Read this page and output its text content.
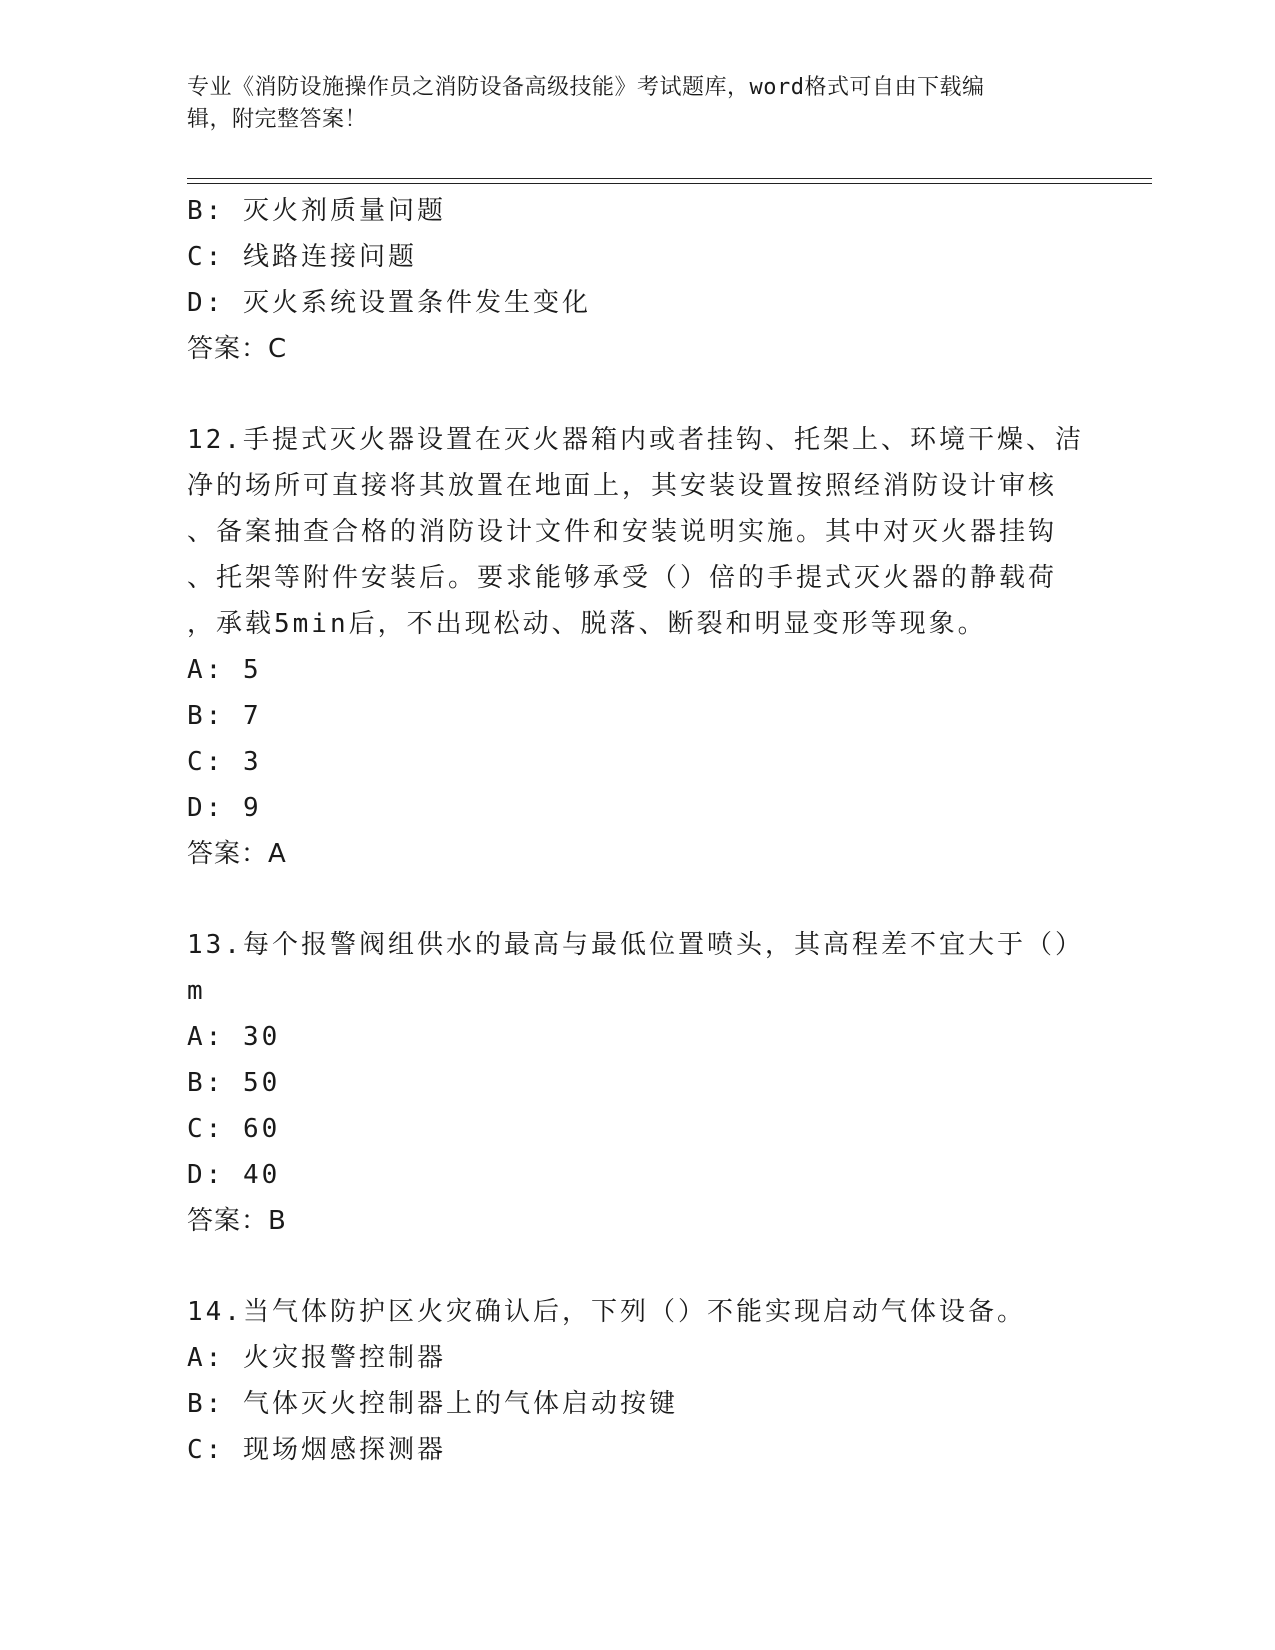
专业《消防设施操作员之消防设备高级技能》考试题库，word格式可自由下载编
辑，附完整答案！
B: 灭火剂质量问题
C: 线路连接问题
D: 灭火系统设置条件发生变化
答案：C
12.手提式灭火器设置在灭火器箱内或者挂钩、托架上、环境干燥、洁
净的场所可直接将其放置在地面上，其安装设置按照经消防设计审核
、备案抽查合格的消防设计文件和安装说明实施。其中对灭火器挂钩
、托架等附件安装后。要求能够承受（）倍的手提式灭火器的静载荷
，承载5min后，不出现松动、脱落、断裂和明显变形等现象。
A: 5
B: 7
C: 3
D: 9
答案：A
13.每个报警阀组供水的最高与最低位置喷头，其高程差不宜大于（）
m
A: 30
B: 50
C: 60
D: 40
答案：B
14.当气体防护区火灾确认后，下列（）不能实现启动气体设备。
A: 火灾报警控制器
B: 气体灭火控制器上的气体启动按键
C: 现场烟感探测器
